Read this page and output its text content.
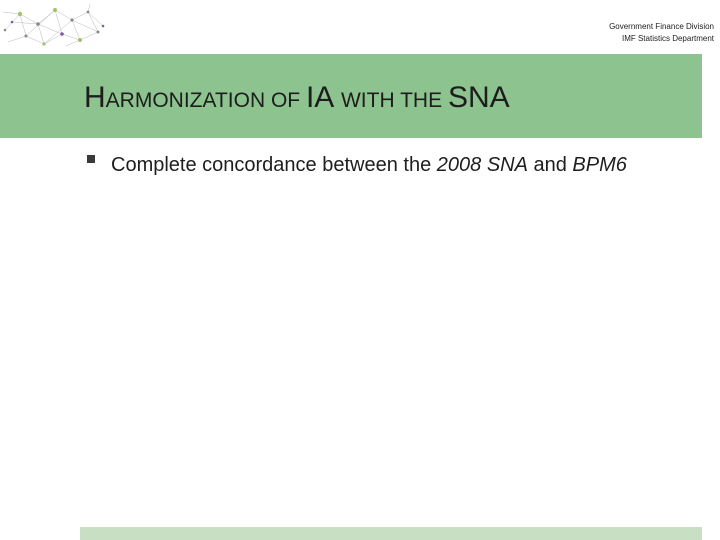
Government Finance Division
IMF Statistics Department
HARMONIZATION OF IA WITH THE SNA
Complete concordance between the 2008 SNA and BPM6
